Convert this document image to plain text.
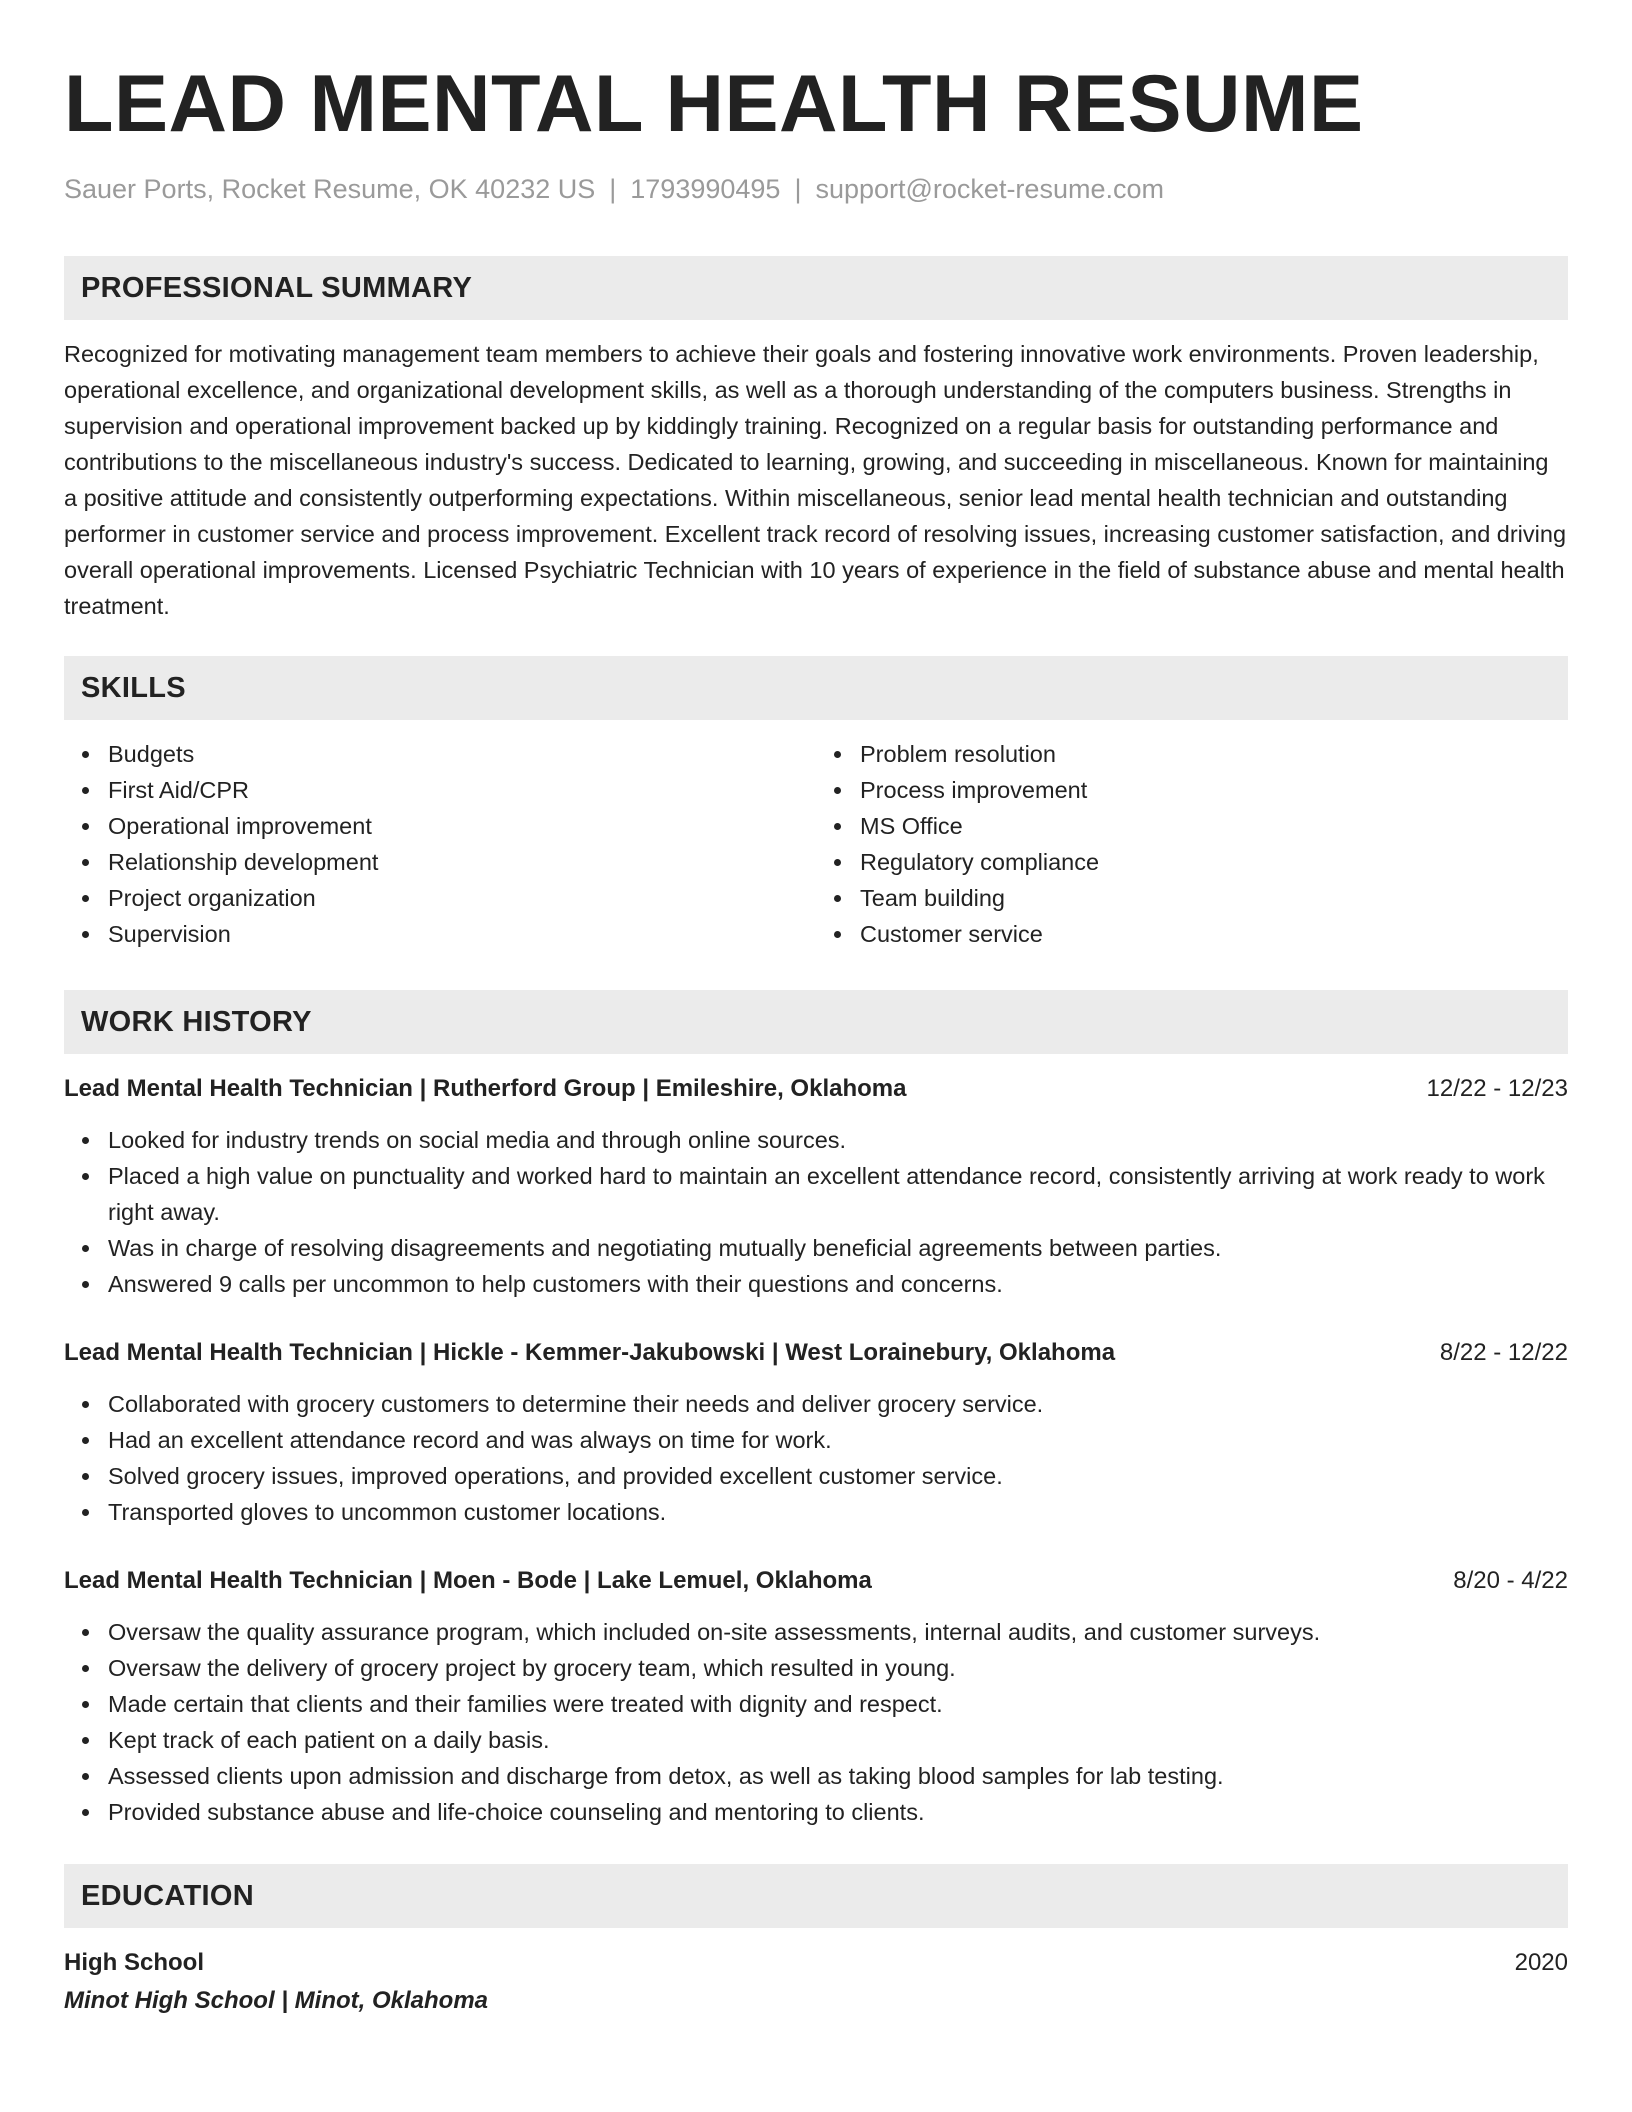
LEAD MENTAL HEALTH RESUME
Sauer Ports, Rocket Resume, OK 40232 US | 1793990495 | support@rocket-resume.com
PROFESSIONAL SUMMARY
Recognized for motivating management team members to achieve their goals and fostering innovative work environments. Proven leadership, operational excellence, and organizational development skills, as well as a thorough understanding of the computers business. Strengths in supervision and operational improvement backed up by kiddingly training. Recognized on a regular basis for outstanding performance and contributions to the miscellaneous industry's success. Dedicated to learning, growing, and succeeding in miscellaneous. Known for maintaining a positive attitude and consistently outperforming expectations. Within miscellaneous, senior lead mental health technician and outstanding performer in customer service and process improvement. Excellent track record of resolving issues, increasing customer satisfaction, and driving overall operational improvements. Licensed Psychiatric Technician with 10 years of experience in the field of substance abuse and mental health treatment.
SKILLS
Budgets
First Aid/CPR
Operational improvement
Relationship development
Project organization
Supervision
Problem resolution
Process improvement
MS Office
Regulatory compliance
Team building
Customer service
WORK HISTORY
Lead Mental Health Technician | Rutherford Group | Emileshire, Oklahoma	12/22 - 12/23
Looked for industry trends on social media and through online sources.
Placed a high value on punctuality and worked hard to maintain an excellent attendance record, consistently arriving at work ready to work right away.
Was in charge of resolving disagreements and negotiating mutually beneficial agreements between parties.
Answered 9 calls per uncommon to help customers with their questions and concerns.
Lead Mental Health Technician | Hickle - Kemmer-Jakubowski | West Lorainebury, Oklahoma	8/22 - 12/22
Collaborated with grocery customers to determine their needs and deliver grocery service.
Had an excellent attendance record and was always on time for work.
Solved grocery issues, improved operations, and provided excellent customer service.
Transported gloves to uncommon customer locations.
Lead Mental Health Technician | Moen - Bode | Lake Lemuel, Oklahoma	8/20 - 4/22
Oversaw the quality assurance program, which included on-site assessments, internal audits, and customer surveys.
Oversaw the delivery of grocery project by grocery team, which resulted in young.
Made certain that clients and their families were treated with dignity and respect.
Kept track of each patient on a daily basis.
Assessed clients upon admission and discharge from detox, as well as taking blood samples for lab testing.
Provided substance abuse and life-choice counseling and mentoring to clients.
EDUCATION
High School	2020
Minot High School | Minot, Oklahoma
